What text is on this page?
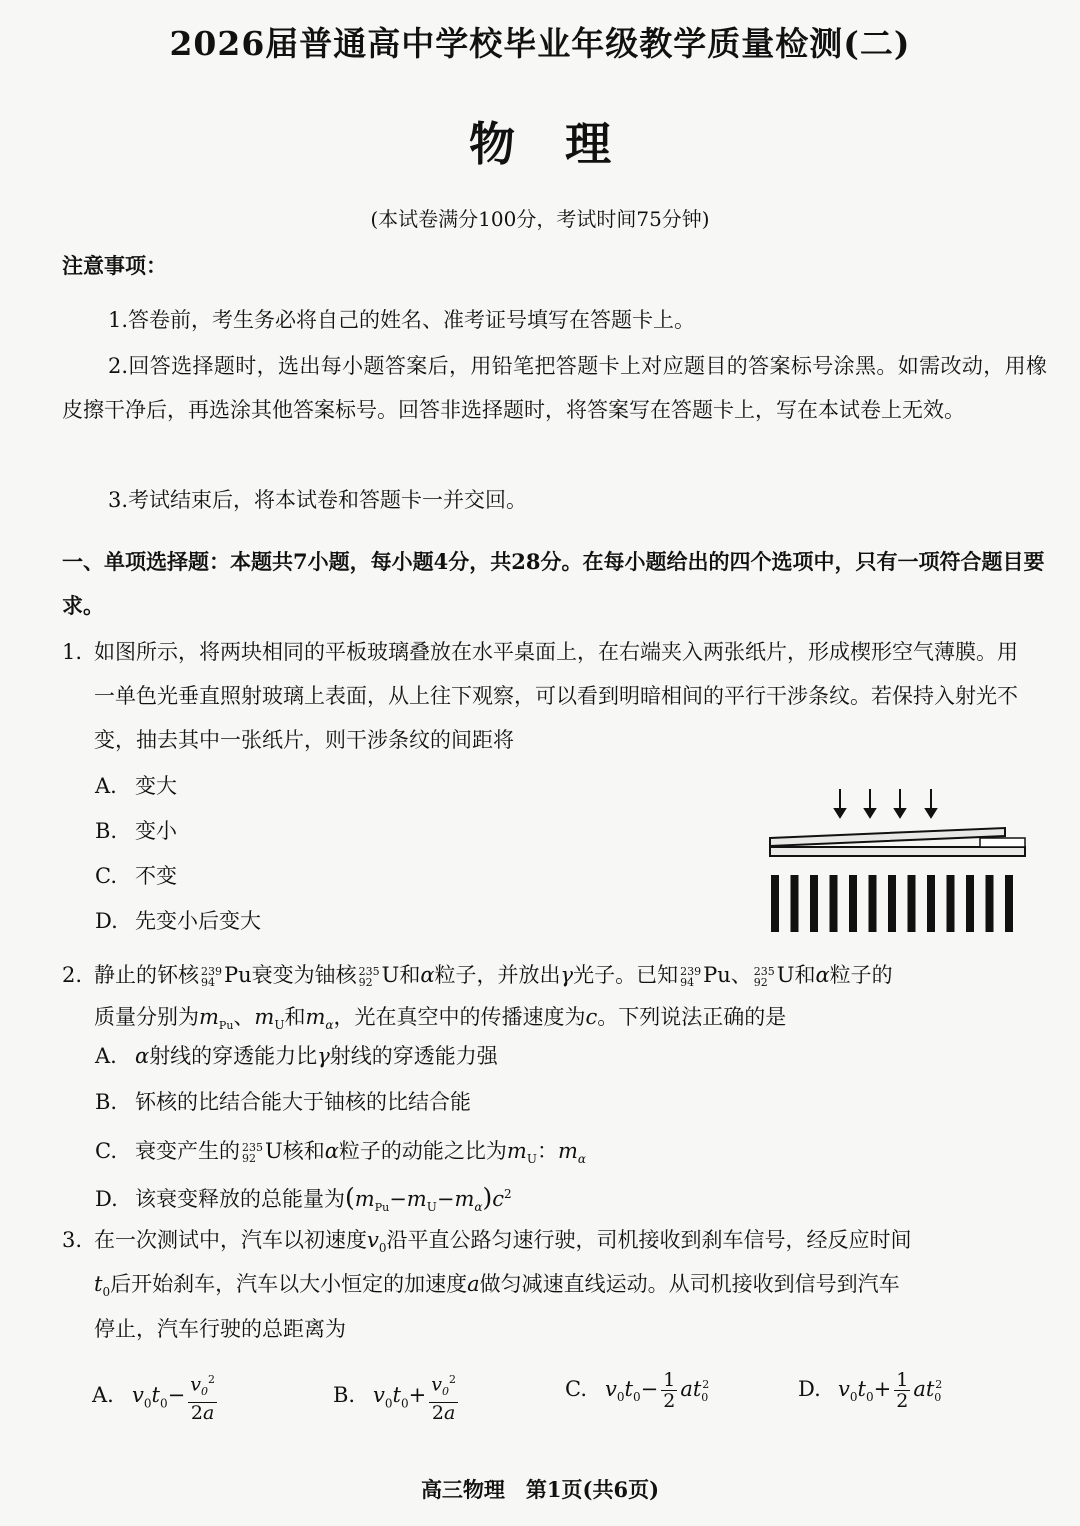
2026届普通高中学校毕业年级教学质量检测(二)
物理
(本试卷满分100分，考试时间75分钟)
注意事项：
1.答卷前，考生务必将自己的姓名、准考证号填写在答题卡上。
2.回答选择题时，选出每小题答案后，用铅笔把答题卡上对应题目的答案标号涂黑。如需改动，用橡皮擦干净后，再选涂其他答案标号。回答非选择题时，将答案写在答题卡上，写在本试卷上无效。
3.考试结束后，将本试卷和答题卡一并交回。
一、单项选择题：本题共7小题，每小题4分，共28分。在每小题给出的四个选项中，只有一项符合题目要求。
1. 如图所示，将两块相同的平板玻璃叠放在水平桌面上，在右端夹入两张纸片，形成楔形空气薄膜。用一单色光垂直照射玻璃上表面，从上往下观察，可以看到明暗相间的平行干涉条纹。若保持入射光不变，抽去其中一张纸片，则干涉条纹的间距将
A. 变大
B. 变小
C. 不变
D. 先变小后变大
2. 静止的钚核 239
94 Pu衰变为铀核 235
92 U和α粒子，并放出γ光子。已知 239
94 Pu、 235
92 U和α粒子的
质量分别为$m_{Pu}$、$m_U$和$m_\alpha$，光在真空中的传播速度为c。下列说法正确的是
A. α射线的穿透能力比γ射线的穿透能力强
B. 钚核的比结合能大于铀核的比结合能
C. 衰变产生的 235
92 U核和α粒子的动能之比为$m_U$：$m_\alpha$
D. 该衰变释放的总能量为$(m_{Pu}-m_U-m_\alpha)c^2$
3. 在一次测试中，汽车以初速度$v_0$沿平直公路匀速行驶，司机接收到刹车信号，经反应时间
$t_0$后开始刹车，汽车以大小恒定的加速度a做匀减速直线运动。从司机接收到信号到汽车
停止，汽车行驶的总距离为
A. $v_0t_0- \frac{v_0^2}{2a}$	B. $v_0t_0+ \frac{v_0^2}{2a}$	C. $v_0t_0- \frac{1}{2} at_0^2$	D. $v_0t_0+ \frac{1}{2} at_0^2$
高三物理　第1页(共6页)
